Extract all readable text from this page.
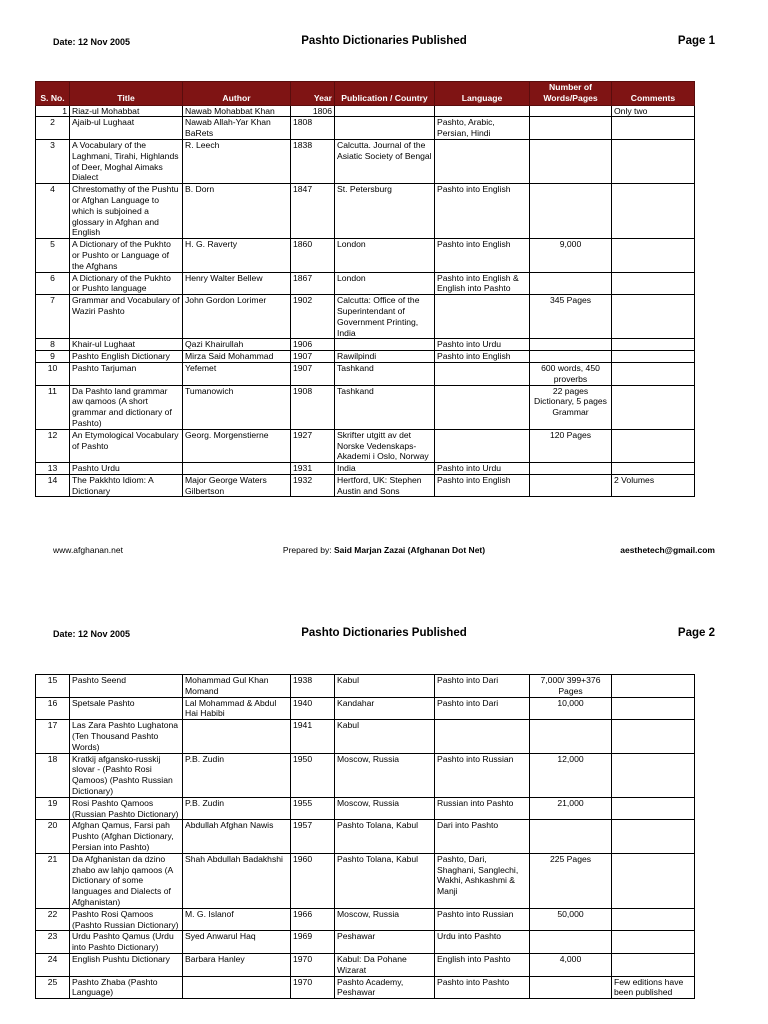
Date: 12 Nov 2005	Pashto Dictionaries Published	Page 1
S. No.	Title	Author	Year	Publication / Country	Language	Number of Words/Pages	Comments
1	Riaz-ul Mohabbat	Nawab Mohabbat Khan	1806				Only two
2	Ajaib-ul Lughaat	Nawab Allah-Yar Khan BaRets	1808		Pashto, Arabic, Persian, Hindi		
3	A Vocabulary of the Laghmani, Tirahi, Highlands of Deer, Moghal Aimaks Dialect	R. Leech	1838	Calcutta. Journal of the Asiatic Society of Bengal			
4	Chrestomathy of the Pushtu or Afghan Language to which is subjoined a glossary in Afghan and English	B. Dorn	1847	St. Petersburg	Pashto into English		
5	A Dictionary of the Pukhto or Pushto or Language of the Afghans	H. G. Raverty	1860	London	Pashto into English	9,000	
6	A Dictionary of the Pukhto or Pushto language	Henry Walter Bellew	1867	London	Pashto into English & English into Pashto		
7	Grammar and Vocabulary of Waziri Pashto	John Gordon Lorimer	1902	Calcutta: Office of the Superintendant of Government Printing, India		345 Pages	
8	Khair-ul Lughaat	Qazi Khairullah	1906		Pashto into Urdu		
9	Pashto English Dictionary	Mirza Said Mohammad	1907	Rawilpindi	Pashto into English		
10	Pashto Tarjuman	Yefemet	1907	Tashkand		600 words, 450 proverbs	
11	Da Pashto land grammar aw qamoos (A short grammar and dictionary of Pashto)	Tumanowich	1908	Tashkand		22 pages Dictionary, 5 pages Grammar	
12	An Etymological Vocabulary of Pashto	Georg. Morgenstierne	1927	Skrifter utgitt av det Norske Vedenskaps-Akademi i Oslo, Norway		120 Pages	
13	Pashto Urdu		1931	India	Pashto into Urdu		
14	The Pakkhto Idiom: A Dictionary	Major George Waters Gilbertson	1932	Hertford, UK: Stephen Austin and Sons	Pashto into English		2 Volumes
www.afghanan.net	Prepared by: Said Marjan Zazai (Afghanan Dot Net)	aesthetech@gmail.com
Date: 12 Nov 2005	Pashto Dictionaries Published	Page 2
15	Pashto Seend	Mohammad Gul Khan Momand	1938	Kabul	Pashto into Dari	7,000/ 399+376 Pages	
16	Spetsale Pashto	Lal Mohammad & Abdul Hai Habibi	1940	Kandahar	Pashto into Dari	10,000	
17	Las Zara Pashto Lughatona (Ten Thousand Pashto Words)		1941	Kabul			
18	Kratkij afgansko-russkij slovar - (Pashto Rosi Qamoos) (Pashto Russian Dictionary)	P.B. Zudin	1950	Moscow, Russia	Pashto into Russian	12,000	
19	Rosi Pashto Qamoos (Russian Pashto Dictionary)	P.B. Zudin	1955	Moscow, Russia	Russian into Pashto	21,000	
20	Afghan Qamus, Farsi pah Pushto (Afghan Dictionary, Persian into Pashto)	Abdullah Afghan Nawis	1957	Pashto Tolana, Kabul	Dari into Pashto		
21	Da Afghanistan da dzino zhabo aw lahjo qamoos (A Dictionary of some languages and Dialects of Afghanistan)	Shah Abdullah Badakhshi	1960	Pashto Tolana, Kabul	Pashto, Dari, Shaghani, Sanglechi, Wakhi, Ashkashmi & Manji	225 Pages	
22	Pashto Rosi Qamoos (Pashto Russian Dictionary)	M. G. Islanof	1966	Moscow, Russia	Pashto into Russian	50,000	
23	Urdu Pashto Qamus (Urdu into Pashto Dictionary)	Syed Anwarul Haq	1969	Peshawar	Urdu into Pashto		
24	English Pushtu Dictionary	Barbara Hanley	1970	Kabul: Da Pohane Wizarat	English into Pashto	4,000	
25	Pashto Zhaba (Pashto Language)		1970	Pashto Academy, Peshawar	Pashto into Pashto		Few editions have been published
